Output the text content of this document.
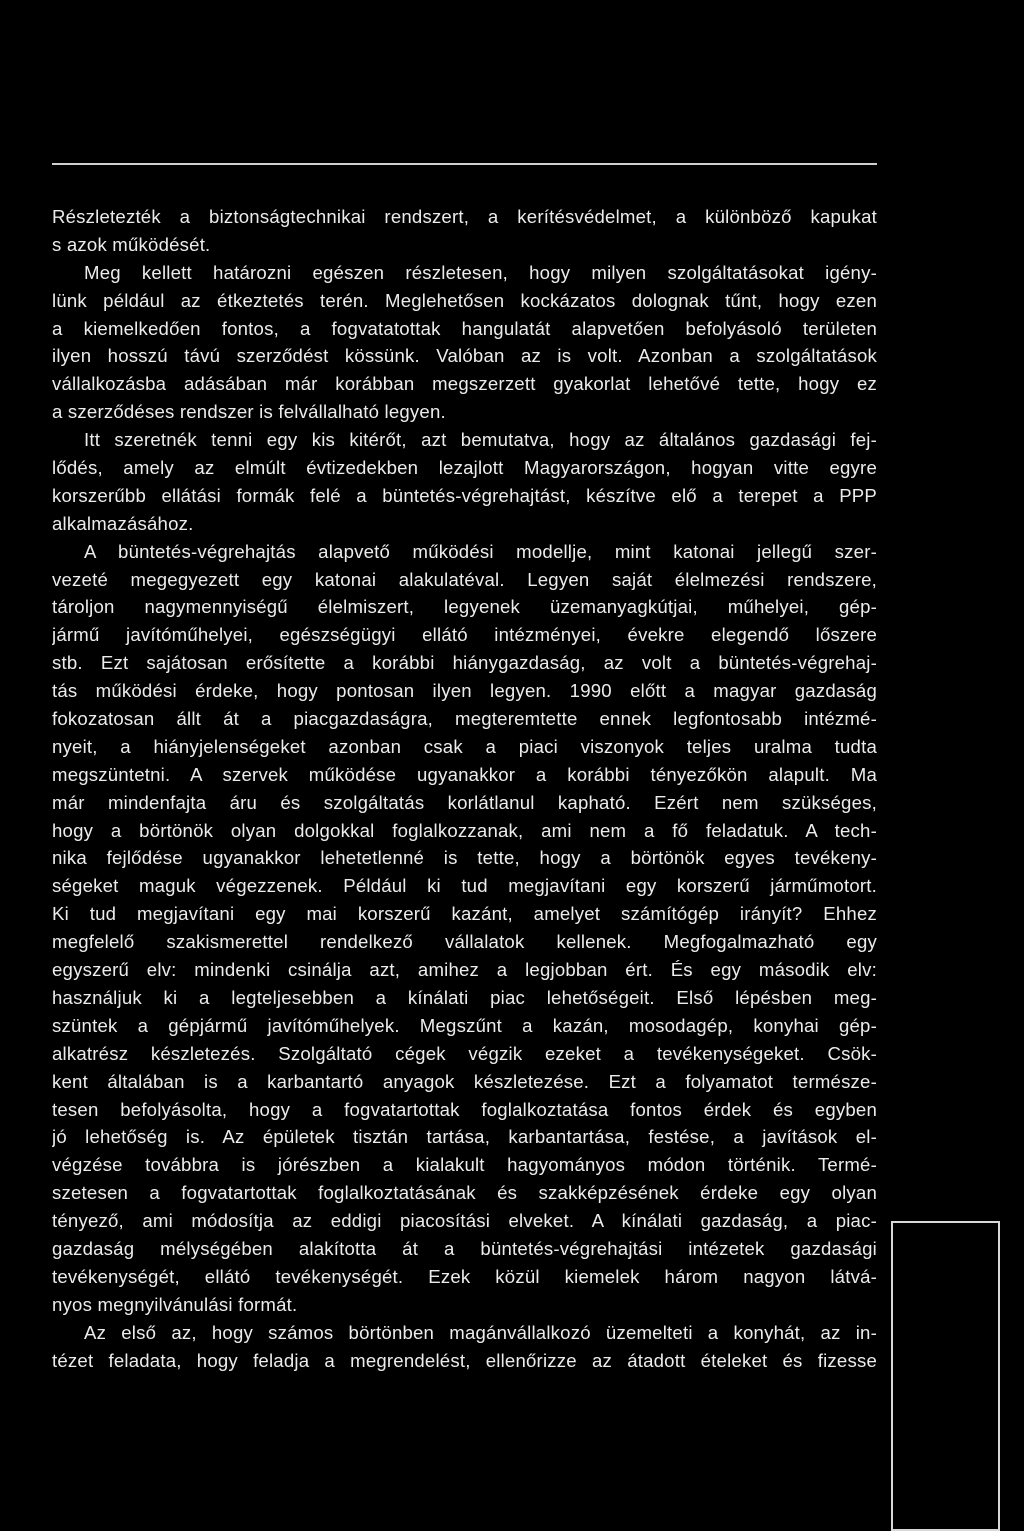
Részletezték a biztonságtechnikai rendszert, a kerítésvédelmet, a különböző kapukat
s azok működését.
Meg kellett határozni egészen részletesen, hogy milyen szolgáltatásokat igény-
lünk például az étkeztetés terén. Meglehetősen kockázatos dolognak tűnt, hogy ezen
a kiemelkedően fontos, a fogvatatottak hangulatát alapvetően befolyásoló területen
ilyen hosszú távú szerződést kössünk. Valóban az is volt. Azonban a szolgáltatások
vállalkozásba adásában már korábban megszerzett gyakorlat lehetővé tette, hogy ez
a szerződéses rendszer is felvállalható legyen.
Itt szeretnék tenni egy kis kitérőt, azt bemutatva, hogy az általános gazdasági fej-
lődés, amely az elmúlt évtizedekben lezajlott Magyarországon, hogyan vitte egyre
korszerűbb ellátási formák felé a büntetés-végrehajtást, készítve elő a terepet a PPP
alkalmazásához.
A büntetés-végrehajtás alapvető működési modellje, mint katonai jellegű szer-
vezeté megegyezett egy katonai alakulatéval. Legyen saját élelmezési rendszere,
tároljon nagymennyiségű élelmiszert, legyenek üzemanyagkútjai, műhelyei, gép-
jármű javítóműhelyei, egészségügyi ellátó intézményei, évekre elegendő lőszere
stb. Ezt sajátosan erősítette a korábbi hiánygazdaság, az volt a büntetés-végrehaj-
tás működési érdeke, hogy pontosan ilyen legyen. 1990 előtt a magyar gazdaság
fokozatosan állt át a piacgazdaságra, megteremtette ennek legfontosabb intézmé-
nyeit, a hiányjelenségeket azonban csak a piaci viszonyok teljes uralma tudta
megszüntetni. A szervek működése ugyanakkor a korábbi tényezőkön alapult. Ma
már mindenfajta áru és szolgáltatás korlátlanul kapható. Ezért nem szükséges,
hogy a börtönök olyan dolgokkal foglalkozzanak, ami nem a fő feladatuk. A tech-
nika fejlődése ugyanakkor lehetetlenné is tette, hogy a börtönök egyes tevékeny-
ségeket maguk végezzenek. Például ki tud megjavítani egy korszerű járműmotort.
Ki tud megjavítani egy mai korszerű kazánt, amelyet számítógép irányít? Ehhez
megfelelő szakismerettel rendelkező vállalatok kellenek. Megfogalmazható egy
egyszerű elv: mindenki csinálja azt, amihez a legjobban ért. És egy második elv:
használjuk ki a legteljesebben a kínálati piac lehetőségeit. Első lépésben meg-
szüntek a gépjármű javítóműhelyek. Megszűnt a kazán, mosodagép, konyhai gép-
alkatrész készletezés. Szolgáltató cégek végzik ezeket a tevékenységeket. Csök-
kent általában is a karbantartó anyagok készletezése. Ezt a folyamatot természe-
tesen befolyásolta, hogy a fogvatartottak foglalkoztatása fontos érdek és egyben
jó lehetőség is. Az épületek tisztán tartása, karbantartása, festése, a javítások el-
végzése továbbra is jórészben a kialakult hagyományos módon történik. Termé-
szetesen a fogvatartottak foglalkoztatásának és szakképzésének érdeke egy olyan
tényező, ami módosítja az eddigi piacosítási elveket. A kínálati gazdaság, a piac-
gazdaság mélységében alakította át a büntetés-végrehajtási intézetek gazdasági
tevékenységét, ellátó tevékenységét. Ezek közül kiemelek három nagyon látvá-
nyos megnyilvánulási formát.
Az első az, hogy számos börtönben magánvállalkozó üzemelteti a konyhát, az in-
tézet feladata, hogy feladja a megrendelést, ellenőrizze az átadott ételeket és fizesse
